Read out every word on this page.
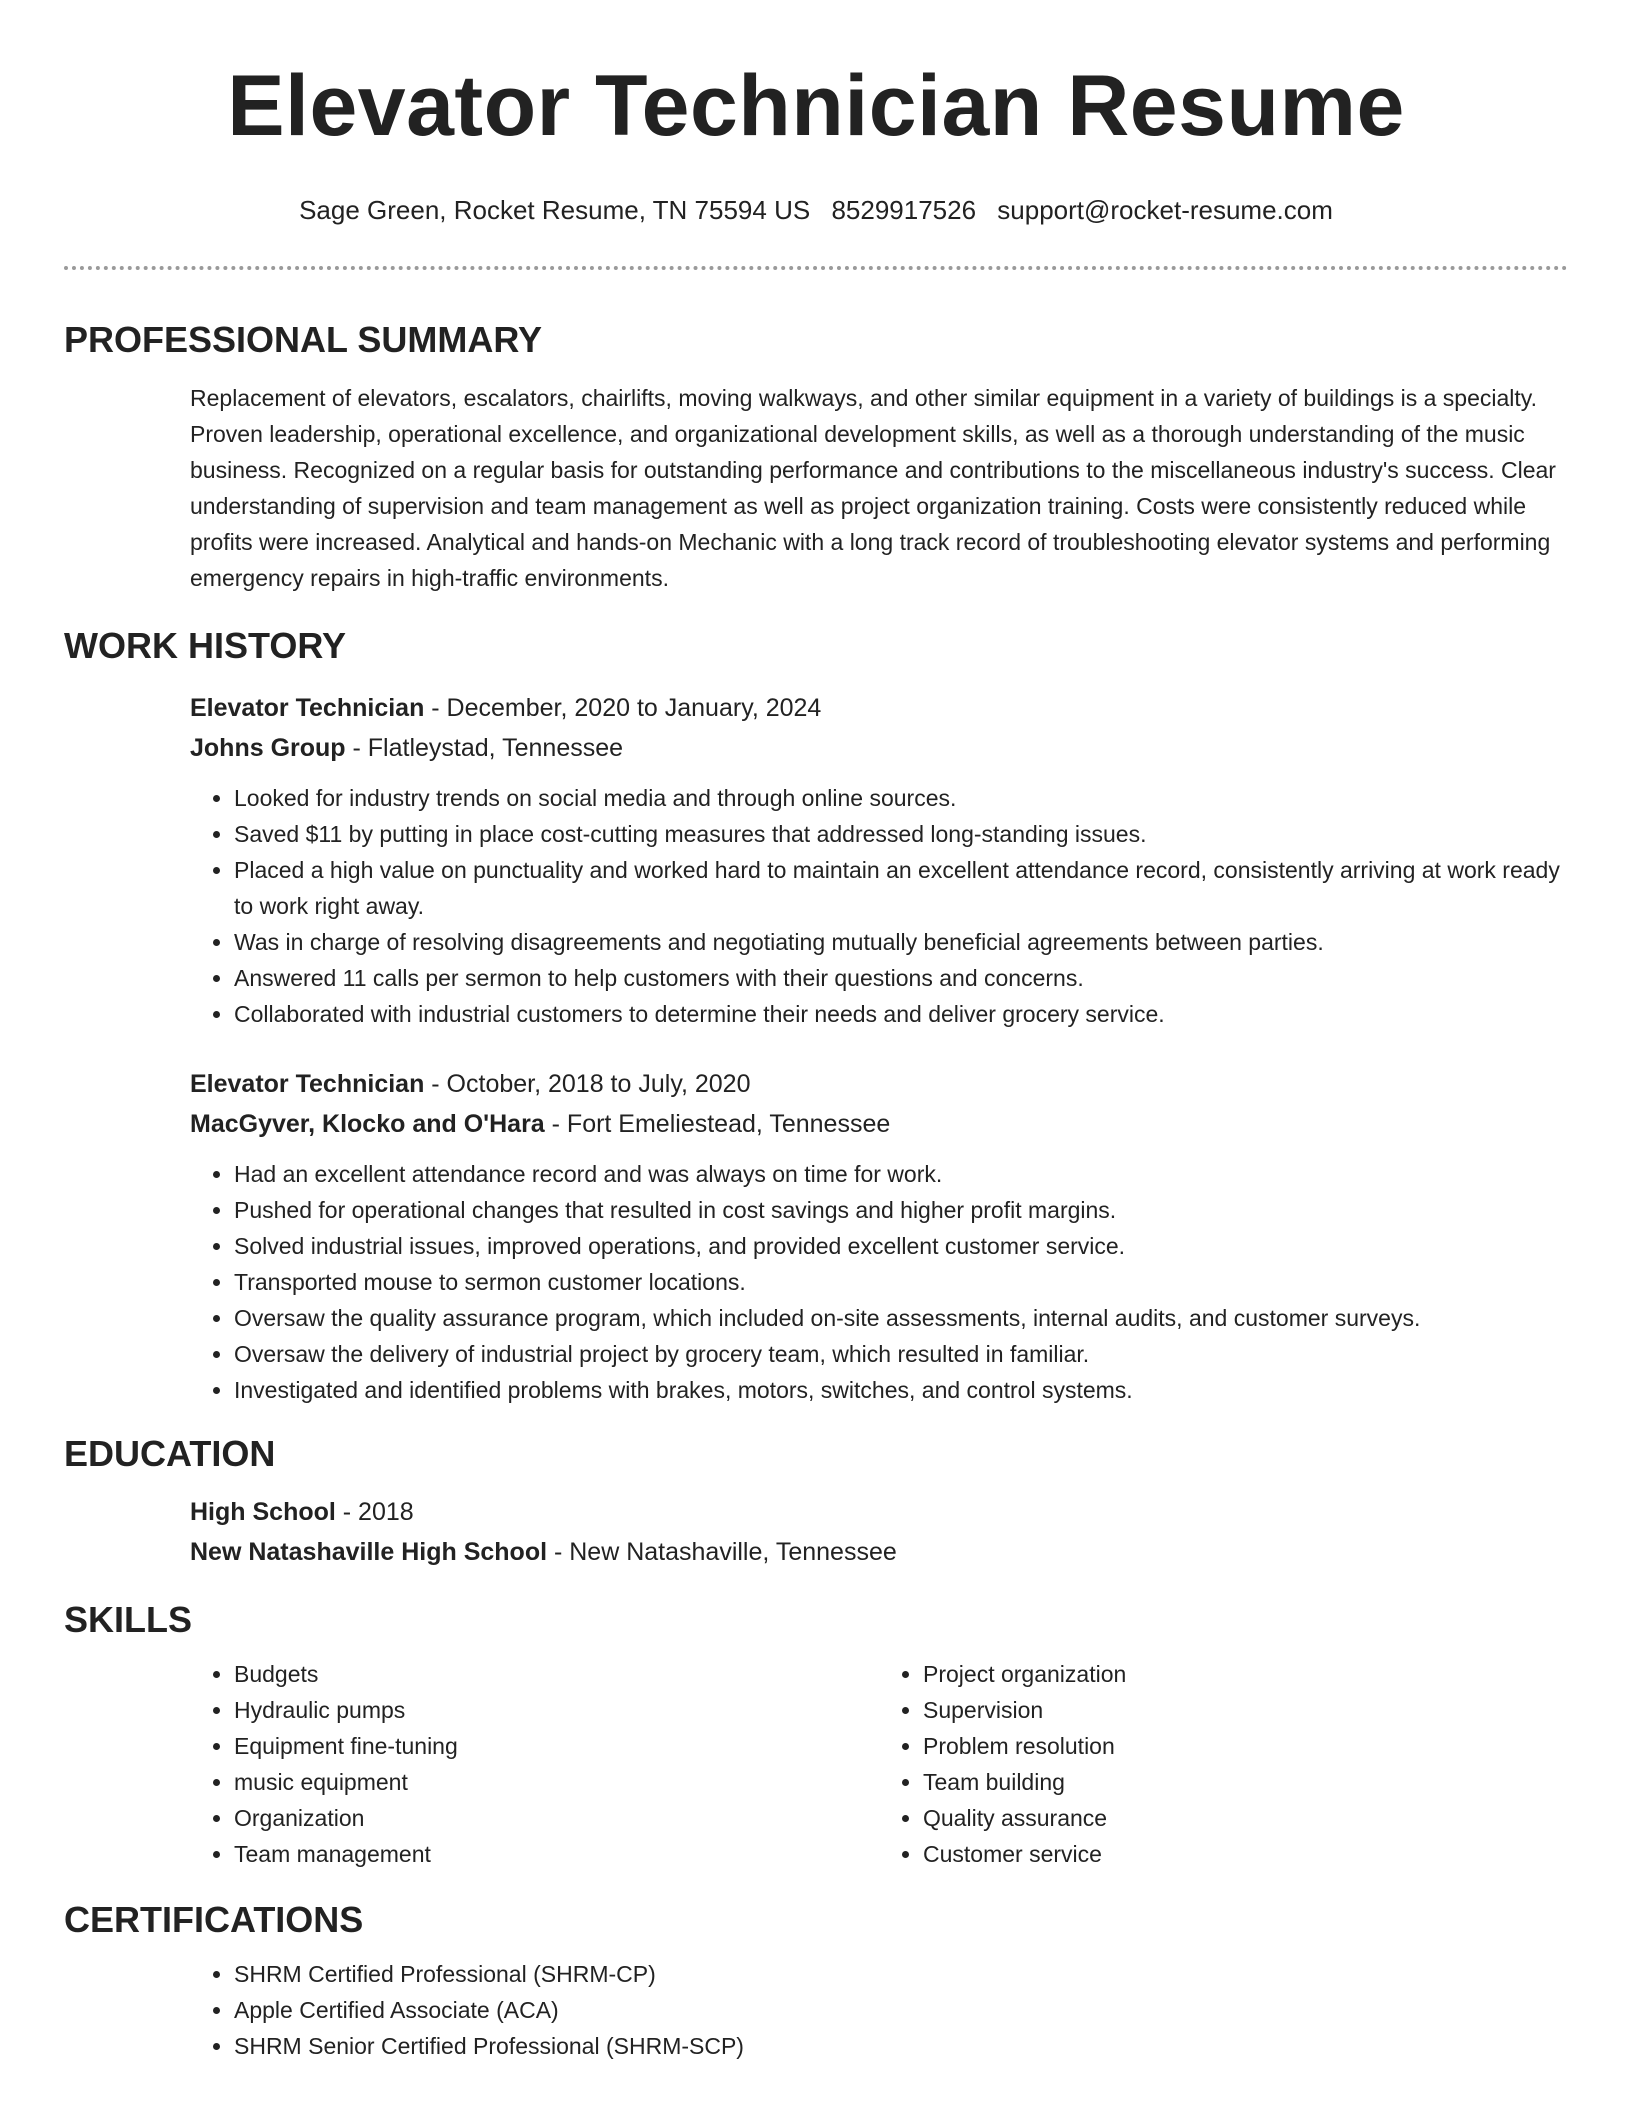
Elevator Technician Resume
Sage Green, Rocket Resume, TN 75594 US 8529917526 support@rocket-resume.com
PROFESSIONAL SUMMARY

Replacement of elevators, escalators, chairlifts, moving walkways, and other similar equipment in a variety of buildings is a specialty. Proven leadership, operational excellence, and organizational development skills, as well as a thorough understanding of the music business. Recognized on a regular basis for outstanding performance and contributions to the miscellaneous industry's success. Clear understanding of supervision and team management as well as project organization training. Costs were consistently reduced while profits were increased. Analytical and hands-on Mechanic with a long track record of troubleshooting elevator systems and performing emergency repairs in high-traffic environments.

WORK HISTORY

Elevator Technician - December, 2020 to January, 2024

Johns Group - Flatleystad, Tennessee

• Looked for industry trends on social media and through online sources.
• Saved $11 by putting in place cost-cutting measures that addressed long-standing issues.
• Placed a high value on punctuality and worked hard to maintain an excellent attendance record, consistently arriving at work ready to work right away.
• Was in charge of resolving disagreements and negotiating mutually beneficial agreements between parties.
• Answered 11 calls per sermon to help customers with their questions and concerns.
• Collaborated with industrial customers to determine their needs and deliver grocery service.

Elevator Technician - October, 2018 to July, 2020

MacGyver, Klocko and O'Hara - Fort Emeliestead, Tennessee

• Had an excellent attendance record and was always on time for work.
• Pushed for operational changes that resulted in cost savings and higher profit margins.
• Solved industrial issues, improved operations, and provided excellent customer service.
• Transported mouse to sermon customer locations.
• Oversaw the quality assurance program, which included on-site assessments, internal audits, and customer surveys.
• Oversaw the delivery of industrial project by grocery team, which resulted in familiar.
• Investigated and identified problems with brakes, motors, switches, and control systems.
EDUCATION

High School - 2018

New Natashaville High School - New Natashaville, Tennessee

SKILLS
• Budgets
• Hydraulic pumps
• Equipment fine-tuning
• music equipment
• Organization
• Team management
• Project organization
• Supervision
• Problem resolution
• Team building
• Quality assurance
• Customer service
CERTIFICATIONS
• SHRM Certified Professional (SHRM-CP)
• Apple Certified Associate (ACA)
• SHRM Senior Certified Professional (SHRM-SCP)
